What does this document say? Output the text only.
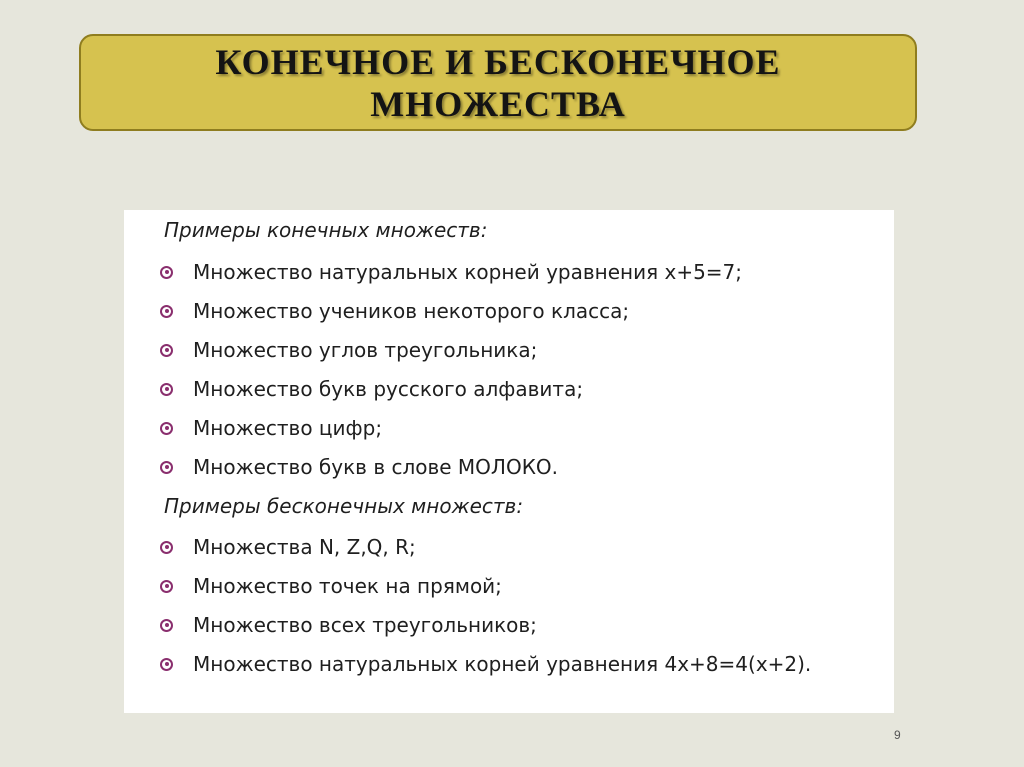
КОНЕЧНОЕ И БЕСКОНЕЧНОЕ
МНОЖЕСТВА
Примеры конечных множеств:
Множество натуральных корней уравнения х+5=7;
Множество учеников некоторого класса;
Множество углов треугольника;
Множество букв русского алфавита;
Множество цифр;
Множество букв в слове МОЛОКО.
Примеры бесконечных множеств:
Множества N, Z,Q, R;
Множество точек на прямой;
Множество всех треугольников;
Множество натуральных корней уравнения 4х+8=4(х+2).
9
